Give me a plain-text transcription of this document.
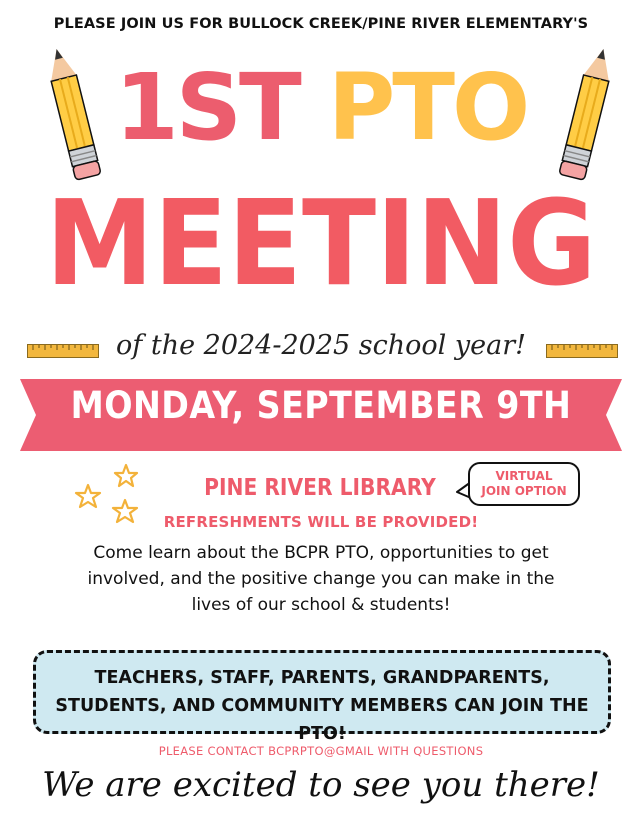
PLEASE JOIN US FOR BULLOCK CREEK/PINE RIVER ELEMENTARY'S
1ST PTO
MEETING
of the 2024-2025 school year!
MONDAY, SEPTEMBER 9TH
PINE RIVER LIBRARY	VIRTUAL
JOIN OPTION
REFRESHMENTS WILL BE PROVIDED!
Come learn about the BCPR PTO, opportunities to get
involved, and the positive change you can make in the
lives of our school & students!
TEACHERS, STAFF, PARENTS, GRANDPARENTS,
STUDENTS, AND COMMUNITY MEMBERS CAN JOIN THE PTO!
PLEASE CONTACT BCPRPTO@GMAIL WITH QUESTIONS
We are excited to see you there!
